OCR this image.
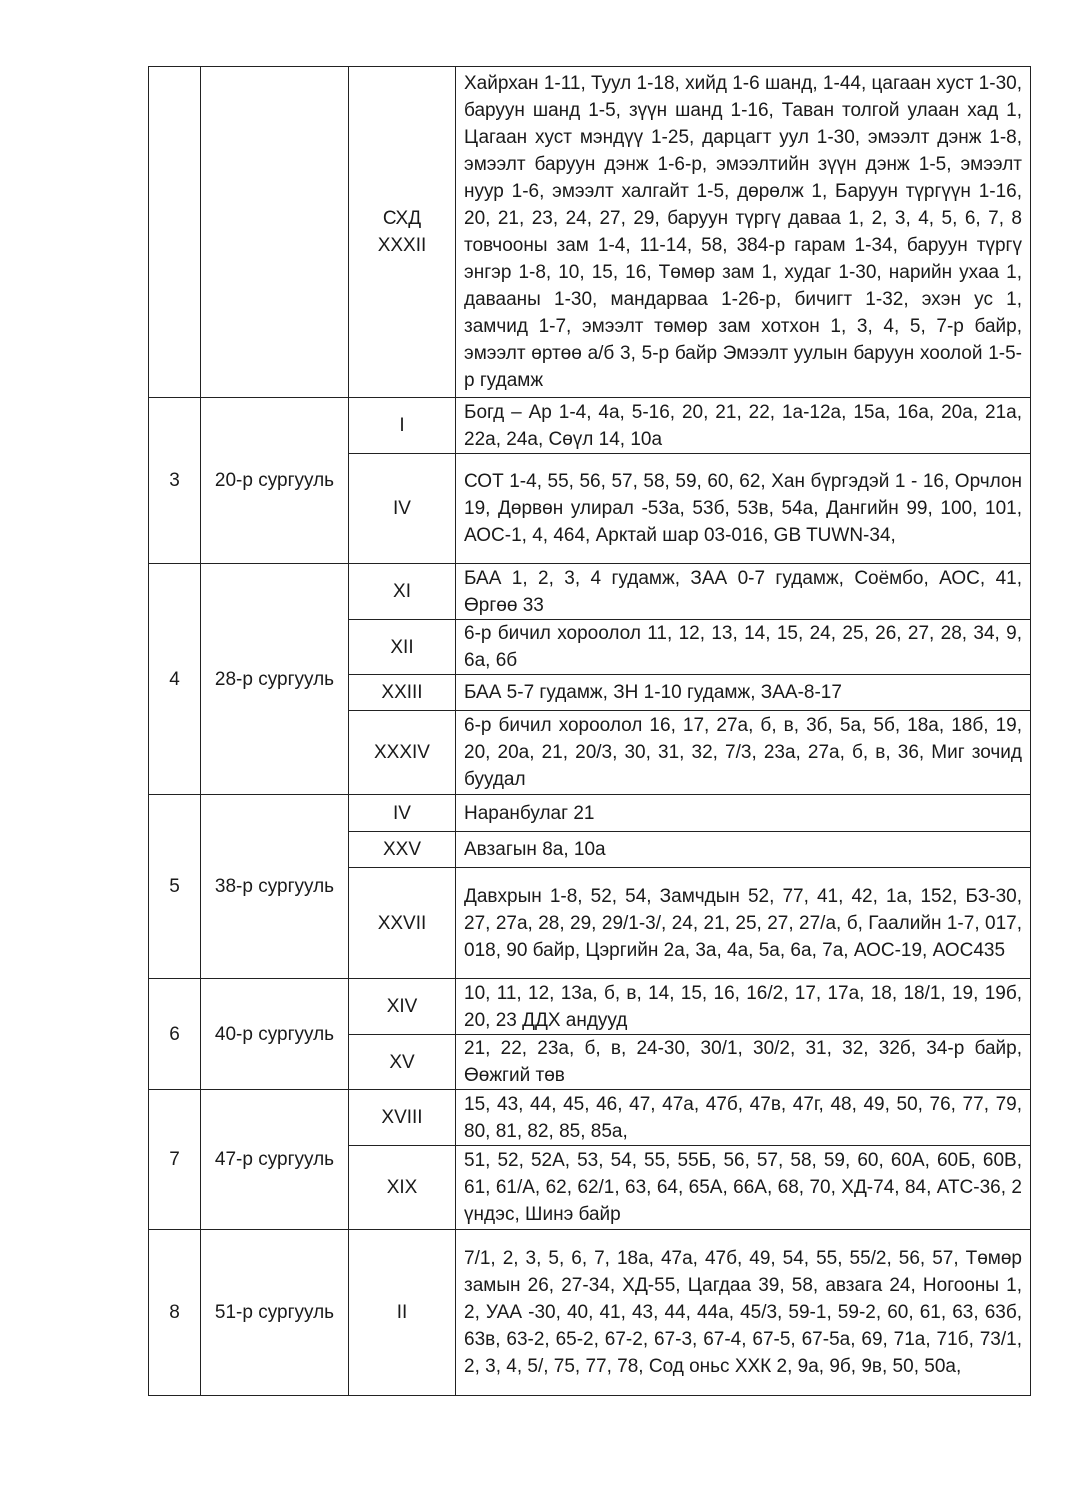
		СХД XXXII	Хайрхан 1-11, Туул 1-18, хийд 1-6 шанд, 1-44, цагаан хуст 1-30, баруун шанд 1-5, зүүн шанд 1-16, Таван толгой улаан хад 1, Цагаан хуст мэндүү 1-25, дарцагт уул 1-30, эмээлт дэнж 1-8, эмээлт баруун дэнж 1-6-р, эмээлтийн зүүн дэнж 1-5, эмээлт нуур 1-6, эмээлт халгайт 1-5, дөрөлж 1, Баруун түргүүн 1-16, 20, 21, 23, 24, 27, 29, баруун түргү даваа 1, 2, 3, 4, 5, 6, 7, 8 товчооны зам 1-4, 11-14, 58, 384-р гарам 1-34, баруун түргү энгэр 1-8, 10, 15, 16, Төмөр зам 1, худаг 1-30, нарийн ухаа 1, даваaны 1-30, мандарваа 1-26-р, бичигт 1-32, эхэн ус 1, замчид 1-7, эмээлт төмөр зам хотхон 1, 3, 4, 5, 7-р байр, эмээлт өртөө а/б 3, 5-р байр Эмээлт уулын баруун хоолой 1-5-р гудамж
3	20-р сургууль	I	Богд – Ар 1-4, 4а, 5-16, 20, 21, 22, 1а-12а, 15а, 16а, 20а, 21а, 22а, 24а, Сөүл 14, 10а
		IV	СОТ 1-4, 55, 56, 57, 58, 59, 60, 62, Хан бүргэдэй 1 - 16, Орчлон 19, Дөрвөн улирал -53а, 53б, 53в, 54а, Дангийн 99, 100, 101, АОС-1, 4, 464, Арктай шар 03-016, GB TUWN-34,
4	28-р сургууль	XI	БАА 1, 2, 3, 4 гудамж, ЗАА 0-7 гудамж, Соёмбо, АОС, 41, Өргөө 33
		XII	6-р бичил хороолол 11, 12, 13, 14, 15, 24, 25, 26, 27, 28, 34, 9, 6а, 6б
		XXIII	БАА 5-7 гудамж, ЗН 1-10 гудамж, ЗАА-8-17
		XXXIV	6-р бичил хороолол 16, 17, 27а, б, в, 3б, 5а, 5б, 18а, 18б, 19, 20, 20а, 21, 20/3, 30, 31, 32, 7/3, 23а, 27а, б, в, 36, Миг зочид буудал
5	38-р сургууль	IV	Наранбулаг 21
		XXV	Авзагын 8а, 10а
		XXVII	Давхрын 1-8, 52, 54, Замчдын 52, 77, 41, 42, 1а, 152, БЗ-30, 27, 27а, 28, 29, 29/1-3/, 24, 21, 25, 27, 27/а, б, Гаалийн 1-7, 017, 018, 90 байр, Цэргийн 2а, 3а, 4а, 5а, 6а, 7а, АОС-19, АОС435
6	40-р сургууль	XIV	10, 11, 12, 13а, б, в, 14, 15, 16, 16/2, 17, 17а, 18, 18/1, 19, 19б, 20, 23 ДДХ андууд
		XV	21, 22, 23а, б, в, 24-30, 30/1, 30/2, 31, 32, 32б, 34-р байр, Өөжгий төв
7	47-р сургууль	XVIII	15, 43, 44, 45, 46, 47, 47а, 47б, 47в, 47г, 48, 49, 50, 76, 77, 79, 80, 81, 82, 85, 85а,
		XIX	51, 52, 52А, 53, 54, 55, 55Б, 56, 57, 58, 59, 60, 60А, 60Б, 60В, 61, 61/А, 62, 62/1, 63, 64, 65А, 66А, 68, 70, ХД-74, 84, АТС-36, 2 үндэс, Шинэ байр
8	51-р сургууль	II	7/1, 2, 3, 5, 6, 7, 18а, 47а, 47б, 49, 54, 55, 55/2, 56, 57, Төмөр замын 26, 27-34, ХД-55, Цагдаа 39, 58, авзага 24, Ногооны 1, 2, УАА -30, 40, 41, 43, 44, 44а, 45/3, 59-1, 59-2, 60, 61, 63, 63б, 63в, 63-2, 65-2, 67-2, 67-3, 67-4, 67-5, 67-5а, 69, 71а, 71б, 73/1, 2, 3, 4, 5/, 75, 77, 78, Сод оньс ХХК 2, 9а, 9б, 9в, 50, 50а,
